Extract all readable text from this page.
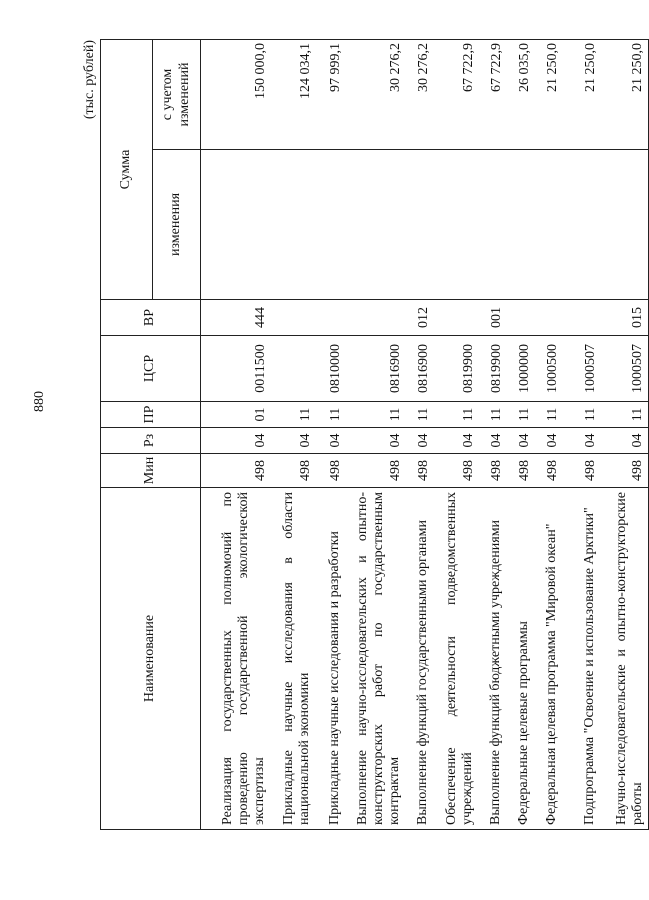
880
(тыс. рублей)
Наименование	Мин	Рз	ПР	ЦСР	ВР	Сумма	
						изменения	с учетом изменений
Реализация государственных полномочий по проведению государственной экологической экспертизы	498	04	01	0011500	444		150 000,0
Прикладные научные исследования в области национальной экономики	498	04	11				124 034,1
Прикладные научные исследования и разработки	498	04	11	0810000			97 999,1
Выполнение научно-исследовательских и опытно-конструкторских работ по государственным контрактам	498	04	11	0816900			30 276,2
Выполнение функций государственными органами	498	04	11	0816900	012		30 276,2
Обеспечение деятельности подведомственных учреждений	498	04	11	0819900			67 722,9
Выполнение функций бюджетными учреждениями	498	04	11	0819900	001		67 722,9
Федеральные целевые программы	498	04	11	1000000			26 035,0
Федеральная целевая программа "Мировой океан"	498	04	11	1000500			21 250,0
Подпрограмма "Освоение и использование Арктики"	498	04	11	1000507			21 250,0
Научно-исследовательские и опытно-конструкторские работы	498	04	11	1000507	015		21 250,0
